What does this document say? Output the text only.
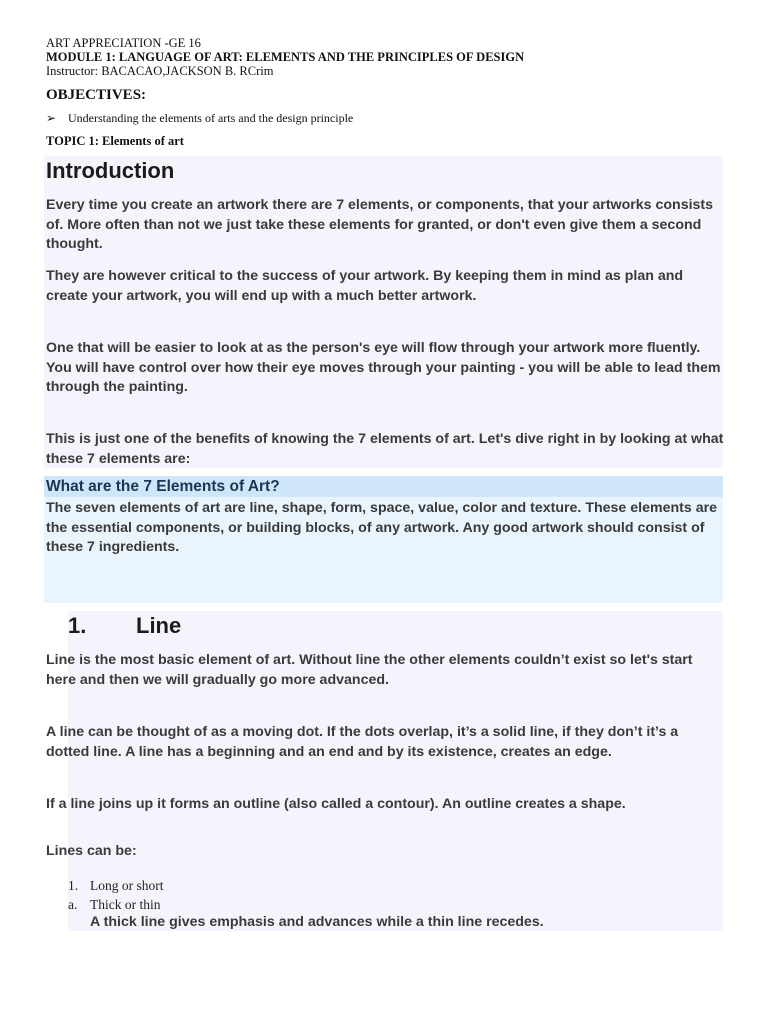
ART APPRECIATION -GE 16
MODULE 1: LANGUAGE OF ART: ELEMENTS AND THE PRINCIPLES OF DESIGN
Instructor: BACACAO,JACKSON B. RCrim
OBJECTIVES:
➢ Understanding the elements of arts and the design principle
TOPIC 1: Elements of art
Introduction

Every time you create an artwork there are 7 elements, or components, that your artworks consists of. More often than not we just take these elements for granted, or don't even give them a second thought.

They are however critical to the success of your artwork. By keeping them in mind as plan and create your artwork, you will end up with a much better artwork.

One that will be easier to look at as the person's eye will flow through your artwork more fluently. You will have control over how their eye moves through your painting - you will be able to lead them through the painting.

This is just one of the benefits of knowing the 7 elements of art. Let's dive right in by looking at what these 7 elements are:

What are the 7 Elements of Art?

The seven elements of art are line, shape, form, space, value, color and texture. These elements are the essential components, or building blocks, of any artwork. Any good artwork should consist of these 7 ingredients.

1. Line

Line is the most basic element of art. Without line the other elements couldn’t exist so let's start here and then we will gradually go more advanced.

A line can be thought of as a moving dot. If the dots overlap, it’s a solid line, if they don’t it’s a dotted line. A line has a beginning and an end and by its existence, creates an edge.

If a line joins up it forms an outline (also called a contour). An outline creates a shape.

Lines can be:

1. Long or short
a. Thick or thin
A thick line gives emphasis and advances while a thin line recedes.
